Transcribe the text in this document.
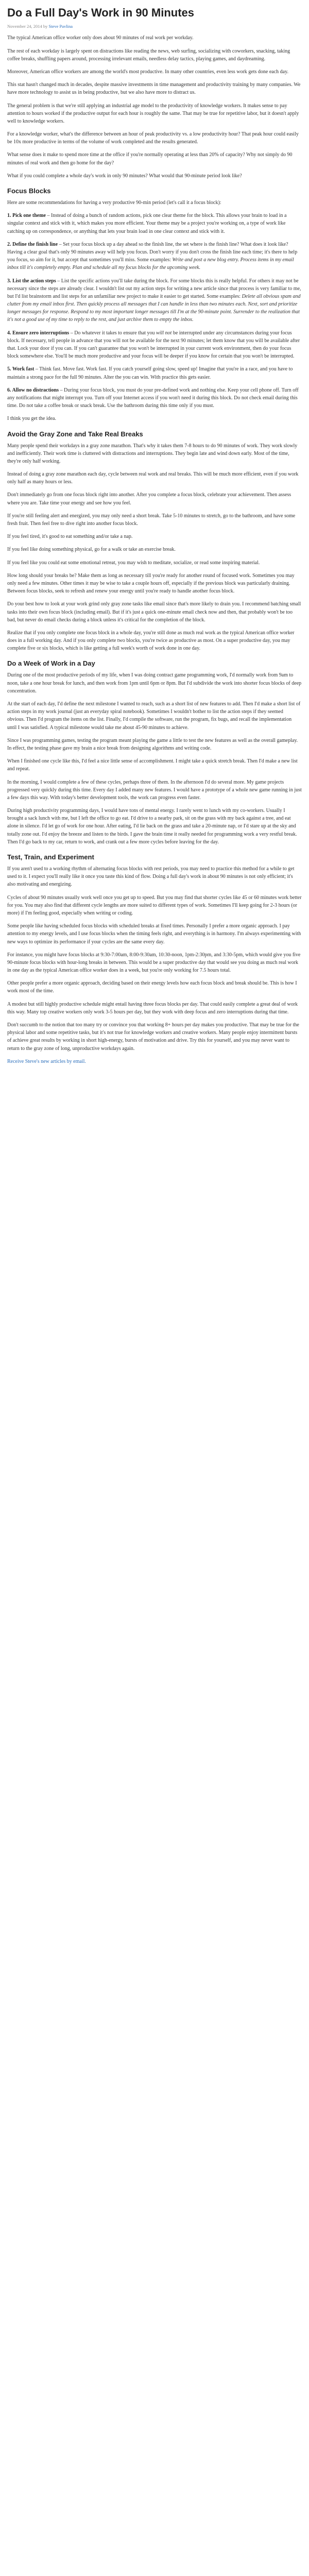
Do a Full Day's Work in 90 Minutes
November 24, 2014 by Steve Pavlina

The typical American office worker only does about 90 minutes of real work per workday.

The rest of each workday is largely spent on distractions like reading the news, web surfing, socializing with coworkers, snacking, taking coffee breaks, shuffling papers around, processing irrelevant emails, needless delay tactics, playing games, and daydreaming.

Moreover, American office workers are among the world's most productive. In many other countries, even less work gets done each day.

This stat hasn't changed much in decades, despite massive investments in time management and productivity training by many companies. We have more technology to assist us in being productive, but we also have more to distract us.

The general problem is that we're still applying an industrial age model to the productivity of knowledge workers. It makes sense to pay attention to hours worked if the productive output for each hour is roughly the same. That may be true for repetitive labor, but it doesn't apply well to knowledge workers.

For a knowledge worker, what's the difference between an hour of peak productivity vs. a low productivity hour? That peak hour could easily be 10x more productive in terms of the volume of work completed and the results generated.

What sense does it make to spend more time at the office if you're normally operating at less than 20% of capacity? Why not simply do 90 minutes of real work and then go home for the day?

What if you could complete a whole day's work in only 90 minutes? What would that 90-minute period look like?

Focus Blocks

Here are some recommendations for having a very productive 90-min period (let's call it a focus block):

1. Pick one theme – Instead of doing a bunch of random actions, pick one clear theme for the block. This allows your brain to load in a singular context and stick with it, which makes you more efficient. Your theme may be a project you're working on, a type of work like catching up on correspondence, or anything that lets your brain load in one clear context and stick with it.

2. Define the finish line – Set your focus block up a day ahead so the finish line, the set where is the finish line? What does it look like? Having a clear goal that's only 90 minutes away will help you focus. Don't worry if you don't cross the finish line each time; it's there to help you focus, so aim for it, but accept that sometimes you'll miss. Some examples: Write and post a new blog entry. Process items in my email inbox till it's completely empty. Plan and schedule all my focus blocks for the upcoming week.

3. List the action steps – List the specific actions you'll take during the block. For some blocks this is really helpful. For others it may not be necessary since the steps are already clear. I wouldn't list out my action steps for writing a new article since that process is very familiar to me, but I'd list brainstorm and list steps for an unfamiliar new project to make it easier to get started. Some examples: Delete all obvious spam and clutter from my email inbox first. Then quickly process all messages that I can handle in less than two minutes each. Next, sort and prioritize longer messages for response. Respond to my most important longer messages till I'm at the 90-minute point. Surrender to the realization that it's not a good use of my time to reply to the rest, and just archive them to empty the inbox.

4. Ensure zero interruptions – Do whatever it takes to ensure that you will not be interrupted under any circumstances during your focus block. If necessary, tell people in advance that you will not be available for the next 90 minutes; let them know that you will be available after that. Lock your door if you can. If you can't guarantee that you won't be interrupted in your current work environment, then do your focus block somewhere else. You'll be much more productive and your focus will be deeper if you know for certain that you won't be interrupted.

5. Work fast – Think fast. Move fast. Work fast. If you catch yourself going slow, speed up! Imagine that you're in a race, and you have to maintain a strong pace for the full 90 minutes. Alter the you can win. With practice this gets easier.

6. Allow no distractions – During your focus block, you must do your pre-defined work and nothing else. Keep your cell phone off. Turn off any notifications that might interrupt you. Turn off your Internet access if you won't need it during this block. Do not check email during this time. Do not take a coffee break or snack break. Use the bathroom during this time only if you must.

I think you get the idea.

Avoid the Gray Zone and Take Real Breaks

Many people spend their workdays in a gray zone marathon. That's why it takes them 7-8 hours to do 90 minutes of work. They work slowly and inefficiently. Their work time is cluttered with distractions and interruptions. They begin late and wind down early. Most of the time, they're only half working.

Instead of doing a gray zone marathon each day, cycle between real work and real breaks. This will be much more efficient, even if you work only half as many hours or less.

Don't immediately go from one focus block right into another. After you complete a focus block, celebrate your achievement. Then assess where you are. Take time your energy and see how you feel.

If you're still feeling alert and energized, you may only need a short break. Take 5-10 minutes to stretch, go to the bathroom, and have some fresh fruit. Then feel free to dive right into another focus block.

If you feel tired, it's good to eat something and/or take a nap.

If you feel like doing something physical, go for a walk or take an exercise break.

If you feel like you could eat some emotional retreat, you may wish to meditate, socialize, or read some inspiring material.

How long should your breaks be? Make them as long as necessary till you're ready for another round of focused work. Sometimes you may only need a few minutes. Other times it may be wise to take a couple hours off, especially if the previous block was particularly draining. Between focus blocks, seek to refresh and renew your energy until you're ready to handle another focus block.

Do your best how to look at your work grind only gray zone tasks like email since that's more likely to drain you. I recommend batching small tasks into their own focus block (including email). But if it's just a quick one-minute email check now and then, that probably won't be too bad, but never do email checks during a block unless it's critical for the completion of the block.

Realize that if you only complete one focus block in a whole day, you're still done as much real work as the typical American office worker does in a full working day. And if you only complete two blocks, you're twice as productive as most. On a super productive day, you may complete five or six blocks, which is like getting a full week's worth of work done in one day.

Do a Week of Work in a Day

During one of the most productive periods of my life, when I was doing contract game programming work, I'd normally work from 9am to noon, take a one hour break for lunch, and then work from 1pm until 6pm or 8pm. But I'd subdivide the work into shorter focus blocks of deep concentration.

At the start of each day, I'd define the next milestone I wanted to reach, such as a short list of new features to add. Then I'd make a short list of action steps in my work journal (just an everyday spiral notebook). Sometimes I wouldn't bother to list the action steps if they seemed obvious. Then I'd program the items on the list. Finally, I'd compile the software, run the program, fix bugs, and recall the implementation until I was satisfied. A typical milestone would take me about 45-90 minutes to achieve.

Since I was programming games, testing the program meant playing the game a little to test the new features as well as the overall gameplay. In effect, the testing phase gave my brain a nice break from designing algorithms and writing code.

When I finished one cycle like this, I'd feel a nice little sense of accomplishment. I might take a quick stretch break. Then I'd make a new list and repeat.

In the morning, I would complete a few of these cycles, perhaps three of them. In the afternoon I'd do several more. My game projects progressed very quickly during this time. Every day I added many new features. I would have a prototype of a whole new game running in just a few days this way. With today's better development tools, the work can progress even faster.

During high productivity programming days, I would have tons of mental energy. I rarely went to lunch with my co-workers. Usually I brought a sack lunch with me, but I left the office to go eat. I'd drive to a nearby park, sit on the grass with my back against a tree, and eat alone in silence. I'd let go of work for one hour. After eating, I'd lie back on the grass and take a 20-minute nap, or I'd stare up at the sky and totally zone out. I'd enjoy the breeze and listen to the birds. I gave the brain time it really needed for programming work a very restful break. Then I'd go back to my car, return to work, and crank out a few more cycles before leaving for the day.

Test, Train, and Experiment

If you aren't used to a working rhythm of alternating focus blocks with rest periods, you may need to practice this method for a while to get used to it. I expect you'll really like it once you taste this kind of flow. Doing a full day's work in about 90 minutes is not only efficient; it's also motivating and energizing.

Cycles of about 90 minutes usually work well once you get up to speed. But you may find that shorter cycles like 45 or 60 minutes work better for you. You may also find that different cycle lengths are more suited to different types of work. Sometimes I'll keep going for 2-3 hours (or more) if I'm feeling good, especially when writing or coding.

Some people like having scheduled focus blocks with scheduled breaks at fixed times. Personally I prefer a more organic approach. I pay attention to my energy levels, and I use focus blocks when the timing feels right, and everything is in harmony. I'm always experimenting with new ways to optimize its performance if your cycles are the same every day.

For instance, you might have focus blocks at 9:30-7:00am, 8:00-9:30am, 10:30-noon, 1pm-2:30pm, and 3:30-5pm, which would give you five 90-minute focus blocks with hour-long breaks in between. This would be a super productive day that would see you doing as much real work in one day as the typical American office worker does in a week, but you're only working for 7.5 hours total.

Other people prefer a more organic approach, deciding based on their energy levels how each focus block and break should be. This is how I work most of the time.

A modest but still highly productive schedule might entail having three focus blocks per day. That could easily complete a great deal of work this way. Many top creative workers only work 3-5 hours per day, but they work with deep focus and zero interruptions during that time.

Don't succumb to the notion that too many try or convince you that working 8+ hours per day makes you productive. That may be true for the physical labor and some repetitive tasks, but it's not true for knowledge workers and creative workers. Many people enjoy intermittent bursts of achieve great results by working in short high-energy, bursts of motivation and drive. Try this for yourself, and you may never want to return to the gray zone of long, unproductive workdays again.

Receive Steve's new articles by email.
